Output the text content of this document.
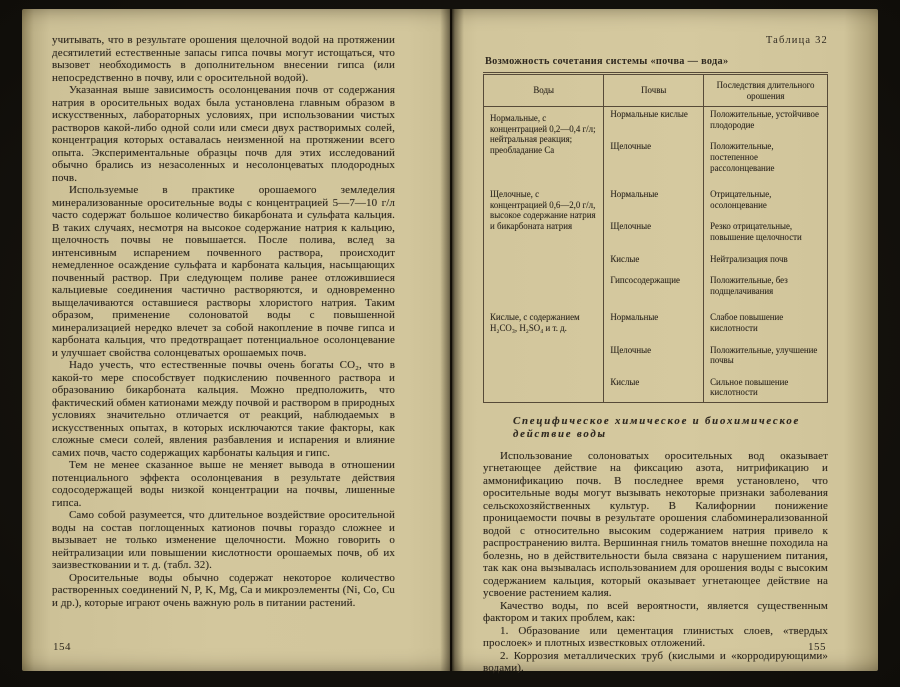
учитывать, что в результате орошения щелочной водой на протяжении десятилетий естественные запасы гипса почвы могут истощаться, что вызовет необходимость в дополнительном внесении гипса (или непосредственно в почву, или с оросительной водой).

Указанная выше зависимость осолонцевания почв от содержания натрия в оросительных водах была установлена главным образом в искусственных, лабораторных условиях, при использовании чистых растворов какой-либо одной соли или смеси двух растворимых солей, концентрация которых оставалась неизменной на протяжении всего опыта. Экспериментальные образцы почв для этих исследований обычно брались из незасоленных и несолонцеватых плодородных почв.

Используемые в практике орошаемого земледелия минерализованные оросительные воды с концентрацией 5—7—10 г/л часто содержат большое количество бикарбоната и сульфата кальция. В таких случаях, несмотря на высокое содержание натрия к кальцию, щелочность почвы не повышается. После полива, вслед за интенсивным испарением почвенного раствора, происходит немедленное осаждение сульфата и карбоната кальция, насыщающих почвенный раствор. При следующем поливе ранее отложившиеся кальциевые соединения частично растворяются, и одновременно выщелачиваются оставшиеся растворы хлористого натрия. Таким образом, применение солоноватой воды с повышенной минерализацией нередко влечет за собой накопление в почве гипса и карбоната кальция, что предотвращает потенциальное осолонцевание и улучшает свойства солонцеватых орошаемых почв.

Надо учесть, что естественные почвы очень богаты CO₂, что в какой-то мере способствует подкислению почвенного раствора и образованию бикарбоната кальция. Можно предположить, что фактический обмен катионами между почвой и раствором в природных условиях значительно отличается от реакций, наблюдаемых в искусственных опытах, в которых исключаются такие факторы, как сложные смеси солей, явления разбавления и испарения и влияние самих почв, часто содержащих карбонаты кальция и гипс.

Тем не менее сказанное выше не меняет вывода в отношении потенциального эффекта осолонцевания в результате действия содосодержащей воды низкой концентрации на почвы, лишенные гипса.

Само собой разумеется, что длительное воздействие оросительной воды на состав поглощенных катионов почвы гораздо сложнее и вызывает не только изменение щелочности. Можно говорить о нейтрализации или повышении кислотности орошаемых почв, об их заизвестковании и т. д. (табл. 32).

Оросительные воды обычно содержат некоторое количество растворенных соединений N, P, K, Mg, Ca и микроэлементы (Ni, Co, Cu и др.), которые играют очень важную роль в питании растений.

154
Таблица 32
Возможность сочетания системы «почва — вода»
Воды	Почвы	Последствия длительного орошения
Нормальные, с концентрацией 0,2—0,4 г/л; нейтральная реакция; преобладание Ca	Нормальные кислые	Положительные, устойчивое плодородие
	Щелочные	Положительные, постепенное рассолонцевание
Щелочные, с концентрацией 0,6—2,0 г/л, высокое содержание натрия и бикарбоната натрия	Нормальные	Отрицательные, осолонцевание
	Щелочные	Резко отрицательные, повышение щелочности
	Кислые	Нейтрализация почв
	Гипсосодержащие	Положительные, без подщелачивания
Кислые, с содержанием H₂CO₃, H₂SO₄ и т. д.	Нормальные	Слабое повышение кислотности
	Щелочные	Положительные, улучшение почвы
	Кислые	Сильное повышение кислотности
Специфическое химическое и биохимическое действие воды

Использование солоноватых оросительных вод оказывает угнетающее действие на фиксацию азота, нитрификацию и аммонификацию почв. В последнее время установлено, что оросительные воды могут вызывать некоторые признаки заболевания сельскохозяйственных культур. В Калифорнии понижение проницаемости почвы в результате орошения слабоминерализованной водой с относительно высоким содержанием натрия привело к распространению вилта. Вершинная гниль томатов внешне походила на болезнь, но в действительности была связана с нарушением питания, так как она вызывалась использованием для орошения воды с высоким содержанием кальция, который оказывает угнетающее действие на усвоение растением калия.

Качество воды, по всей вероятности, является существенным фактором и таких проблем, как:

1. Образование или цементация глинистых слоев, «твердых прослоек» и плотных известковых отложений.

2. Коррозия металлических труб (кислыми и «корродирующими» водами).

155
